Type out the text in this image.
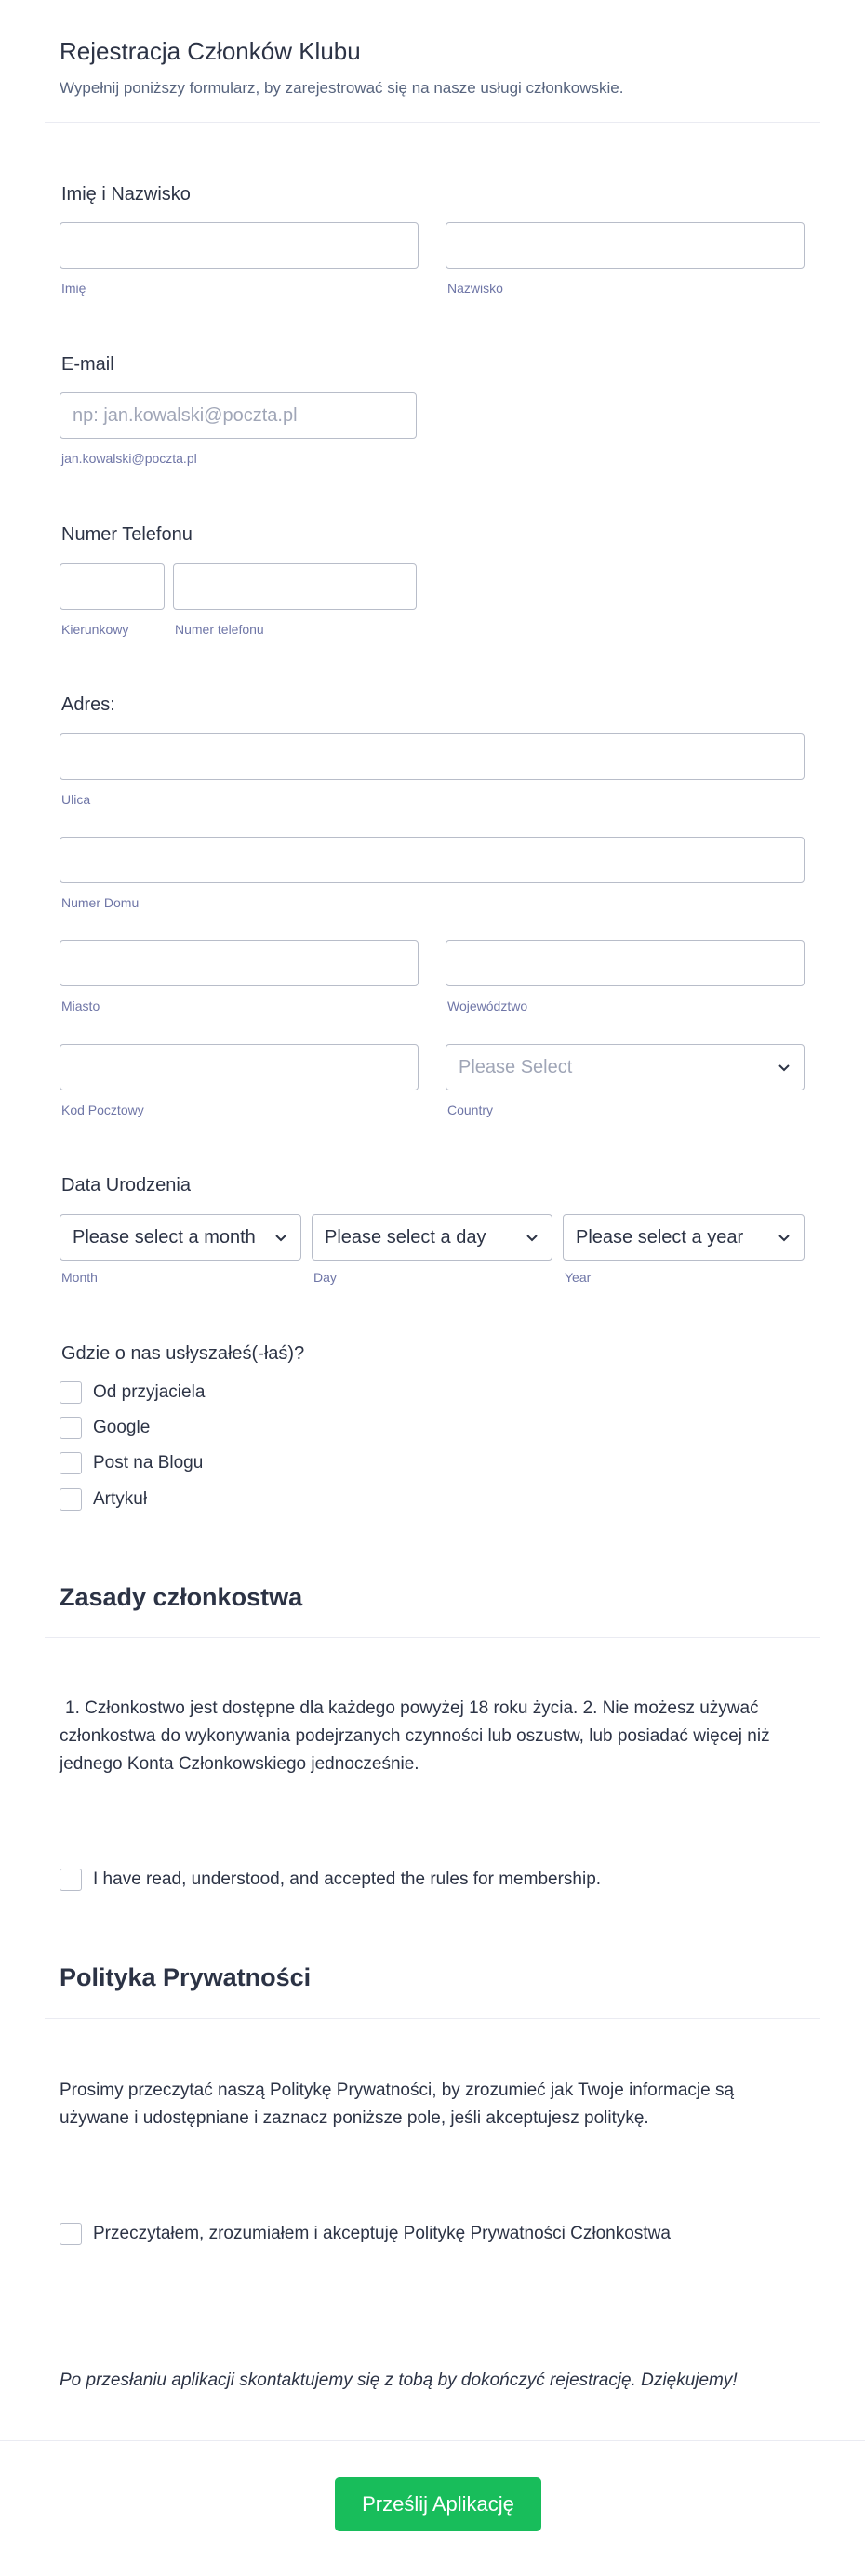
Rejestracja Członków Klubu
Wypełnij poniższy formularz, by zarejestrować się na nasze usługi członkowskie.
Imię i Nazwisko
Imię	Nazwisko
E-mail
np: jan.kowalski@poczta.pl
jan.kowalski@poczta.pl
Numer Telefonu
Kierunkowy	Numer telefonu
Adres:
Ulica
Numer Domu
Miasto	Województwo
Please Select
Kod Pocztowy	Country
Data Urodzenia
Please select a month	Please select a day	Please select a year
Month	Day	Year
Gdzie o nas usłyszałeś(-łaś)?
Od przyjaciela
Google
Post na Blogu
Artykuł
Zasady członkostwa
1. Członkostwo jest dostępne dla każdego powyżej 18 roku życia. 2. Nie możesz używać członkostwa do wykonywania podejrzanych czynności lub oszustw, lub posiadać więcej niż jednego Konta Członkowskiego jednocześnie.
I have read, understood, and accepted the rules for membership.
Polityka Prywatności
Prosimy przeczytać naszą Politykę Prywatności, by zrozumieć jak Twoje informacje są używane i udostępniane i zaznacz poniższe pole, jeśli akceptujesz politykę.
Przeczytałem, zrozumiałem i akceptuję Politykę Prywatności Członkostwa
Po przesłaniu aplikacji skontaktujemy się z tobą by dokończyć rejestrację. Dziękujemy!
Prześlij Aplikację
